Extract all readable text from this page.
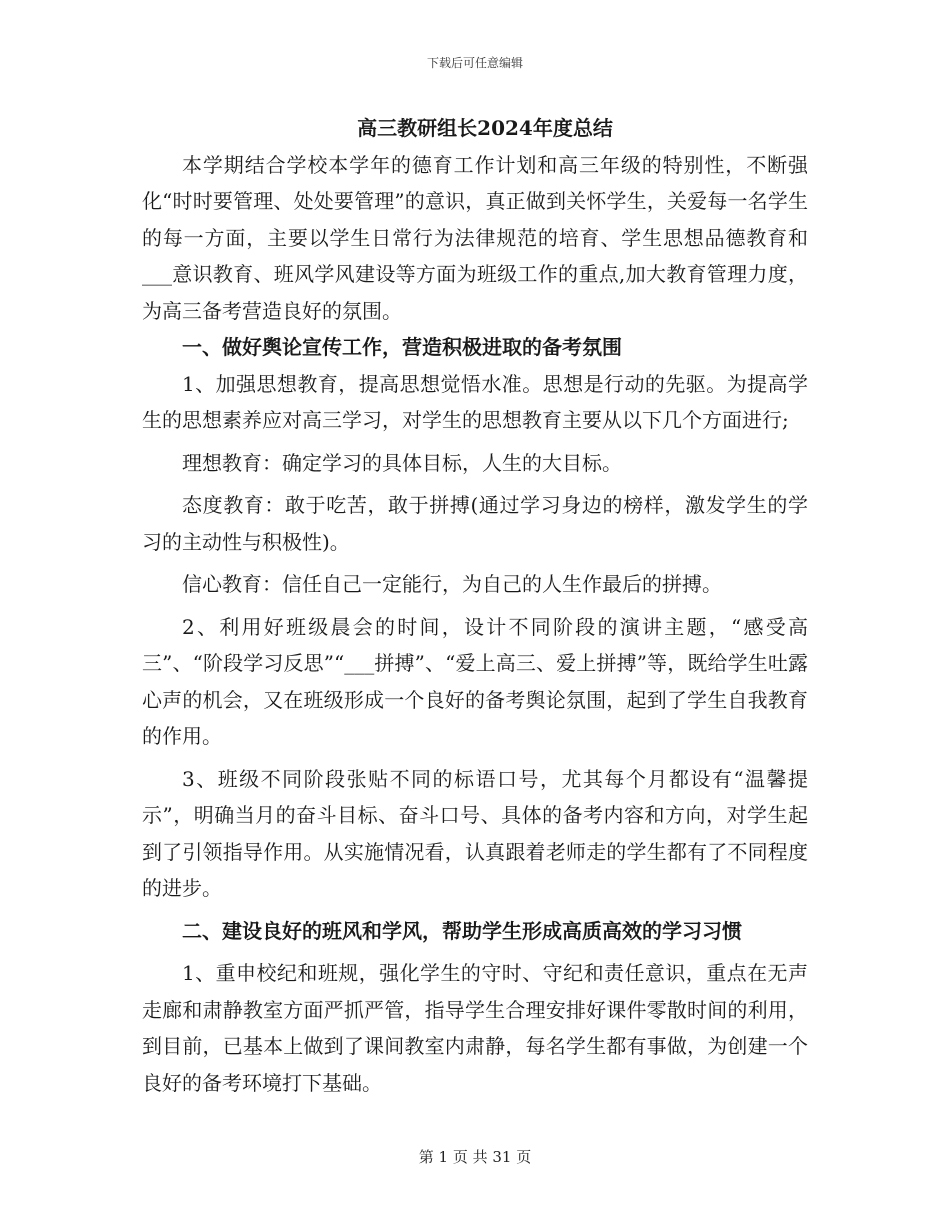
下载后可任意编辑
高三教研组长2024年度总结

本学期结合学校本学年的德育工作计划和高三年级的特别性，不断强化“时时要管理、处处要管理”的意识，真正做到关怀学生，关爱每一名学生的每一方面，主要以学生日常行为法律规范的培育、学生思想品德教育和___意识教育、班风学风建设等方面为班级工作的重点,加大教育管理力度，为高三备考营造良好的氛围。

一、做好舆论宣传工作，营造积极进取的备考氛围

1、加强思想教育，提高思想觉悟水准。思想是行动的先驱。为提高学生的思想素养应对高三学习，对学生的思想教育主要从以下几个方面进行;

理想教育：确定学习的具体目标，人生的大目标。

态度教育：敢于吃苦，敢于拼搏(通过学习身边的榜样，激发学生的学习的主动性与积极性)。

信心教育：信任自己一定能行，为自己的人生作最后的拼搏。

2、利用好班级晨会的时间，设计不同阶段的演讲主题，“感受高三”、“阶段学习反思”“___拼搏”、“爱上高三、爱上拼搏”等，既给学生吐露心声的机会，又在班级形成一个良好的备考舆论氛围，起到了学生自我教育的作用。

3、班级不同阶段张贴不同的标语口号，尤其每个月都设有“温馨提示”，明确当月的奋斗目标、奋斗口号、具体的备考内容和方向，对学生起到了引领指导作用。从实施情况看，认真跟着老师走的学生都有了不同程度的进步。

二、建设良好的班风和学风，帮助学生形成高质高效的学习习惯

1、重申校纪和班规，强化学生的守时、守纪和责任意识，重点在无声走廊和肃静教室方面严抓严管，指导学生合理安排好课件零散时间的利用，到目前，已基本上做到了课间教室内肃静，每名学生都有事做，为创建一个良好的备考环境打下基础。

第 1 页 共 31 页
